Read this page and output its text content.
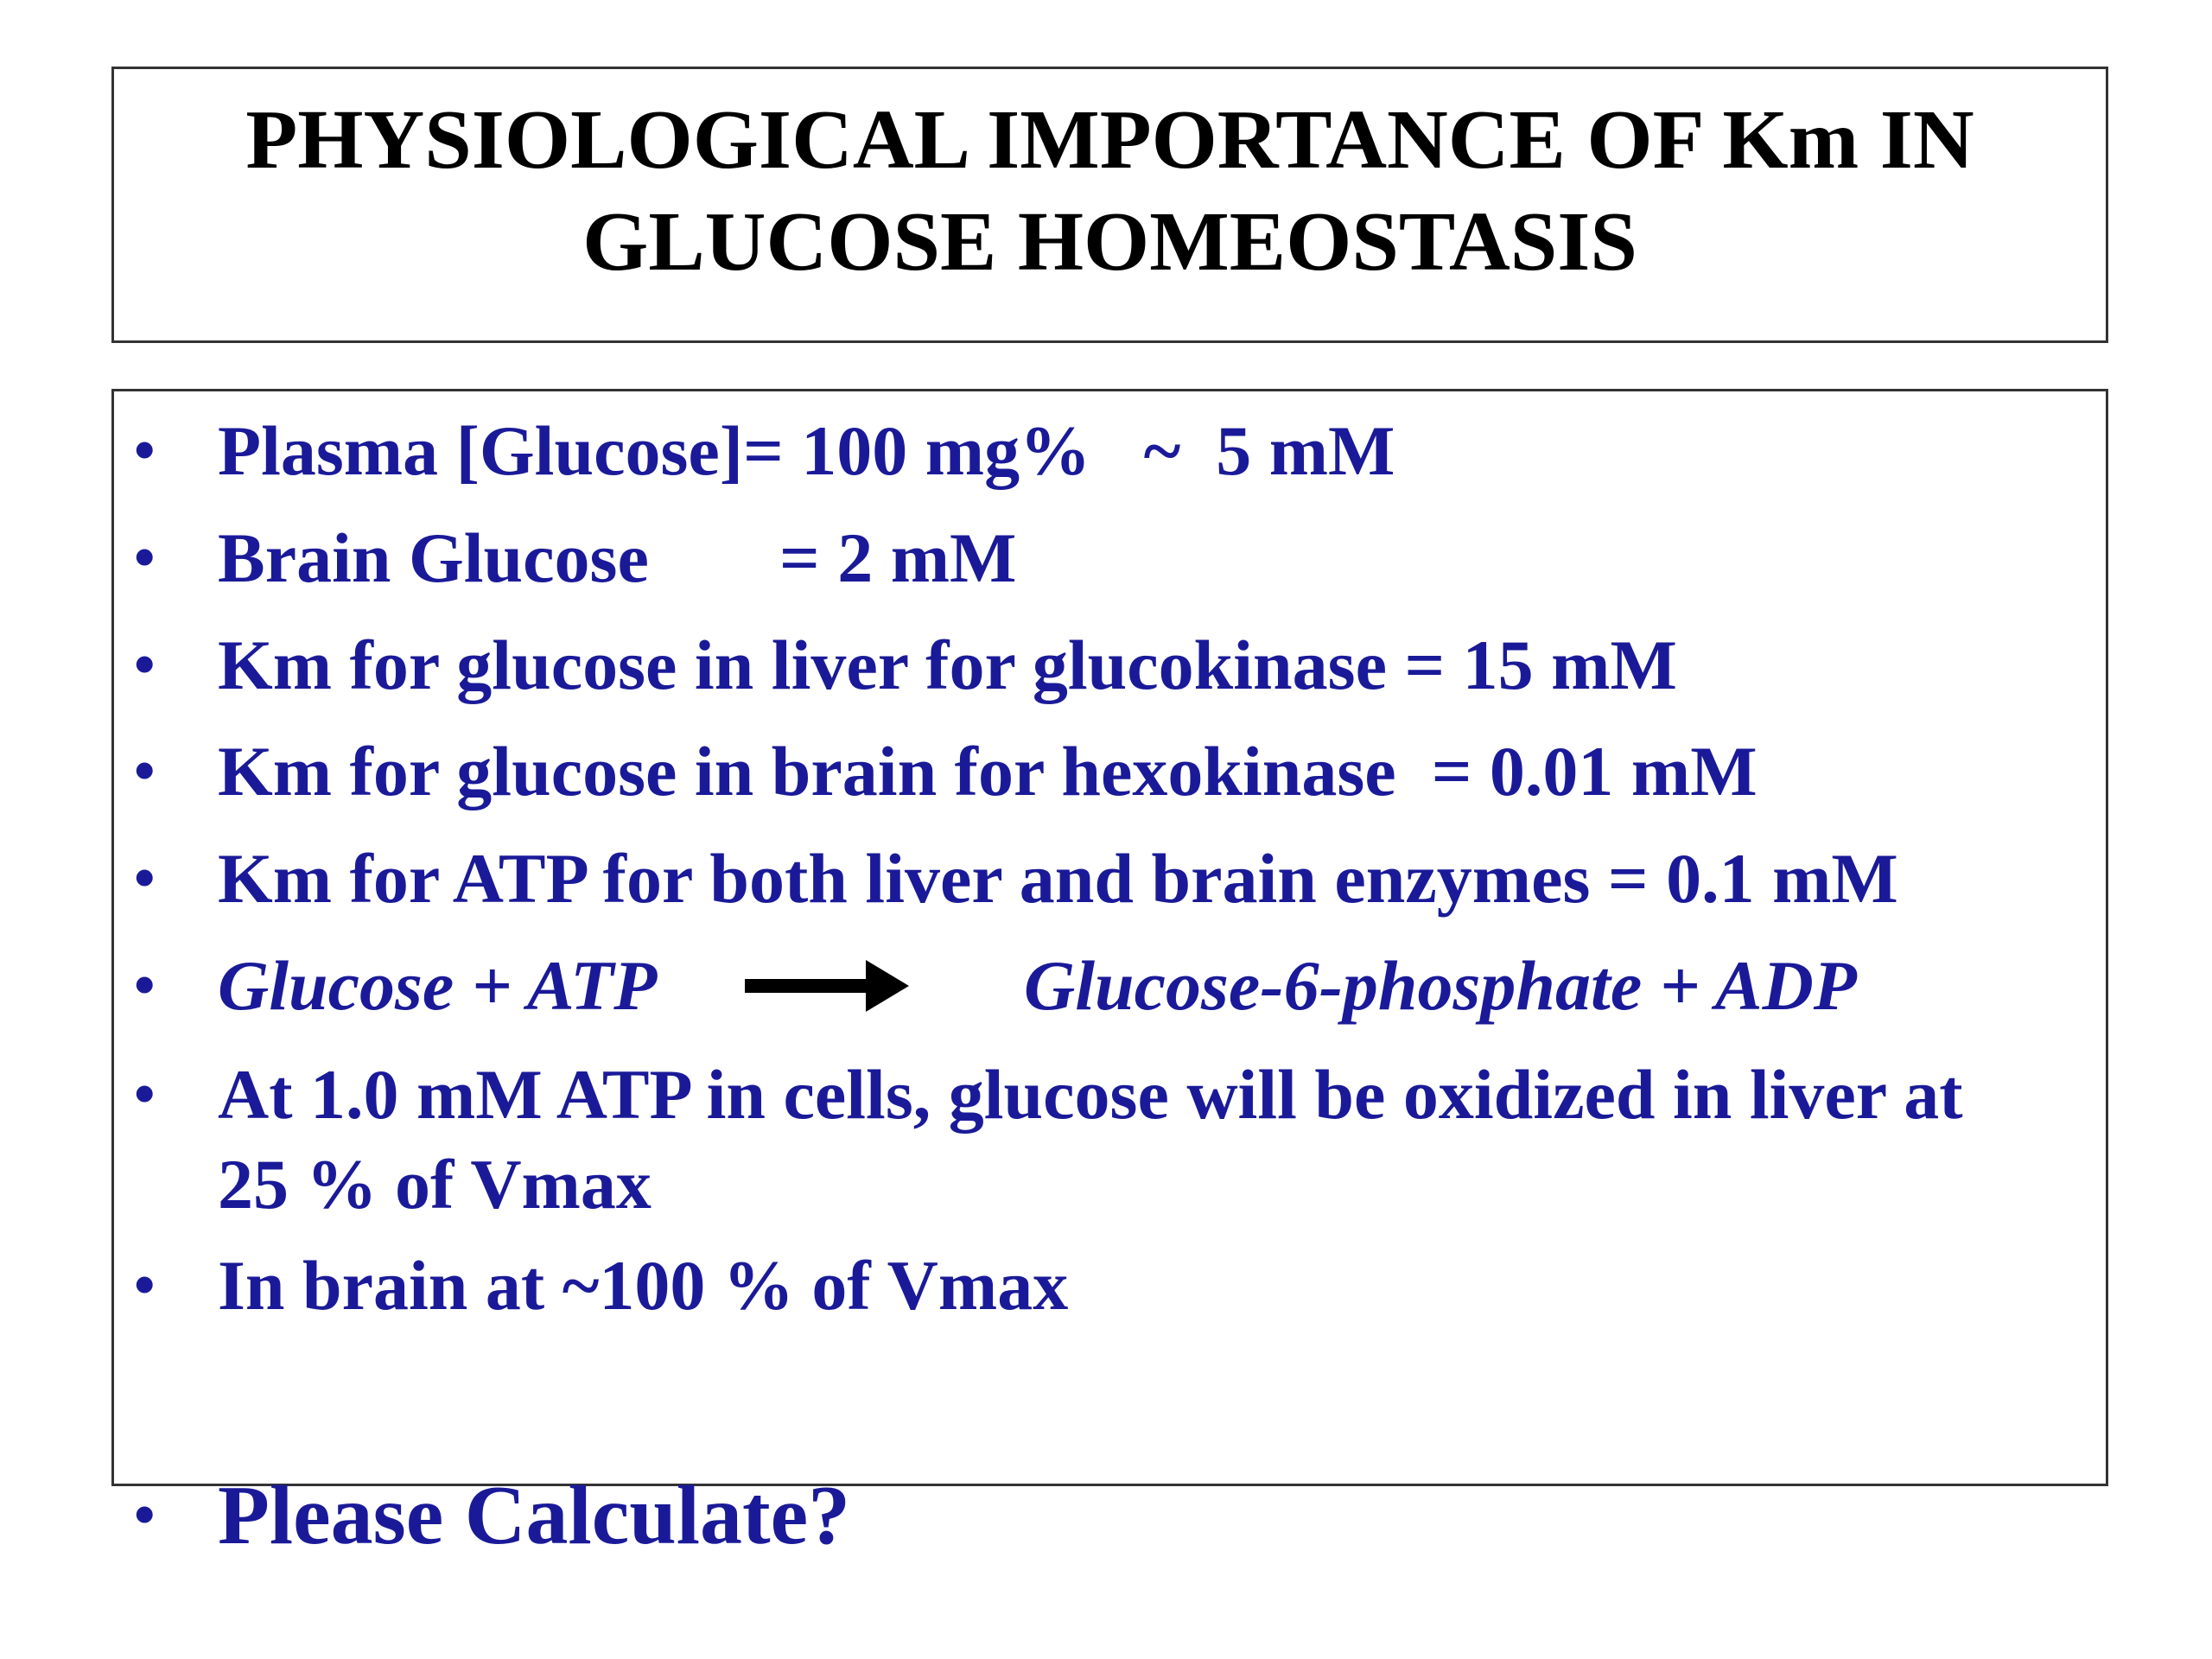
PHYSIOLOGICAL IMPORTANCE OF Km IN
GLUCOSE HOMEOSTASIS
• Plasma [Glucose]= 100 mg%   ~  5 mM
• Brain Glucose = 2 mM
• Km for glucose in liver for glucokinase = 15 mM
• Km for glucose in brain for hexokinase  = 0.01 mM
• Km for ATP for both liver and brain enzymes = 0.1 mM
• Glucose + ATP	Glucose-6-phosphate + ADP
• At 1.0 mM ATP in cells, glucose will be oxidized in liver at
25 % of Vmax
• In brain at ~100 % of Vmax
• Please Calculate?
